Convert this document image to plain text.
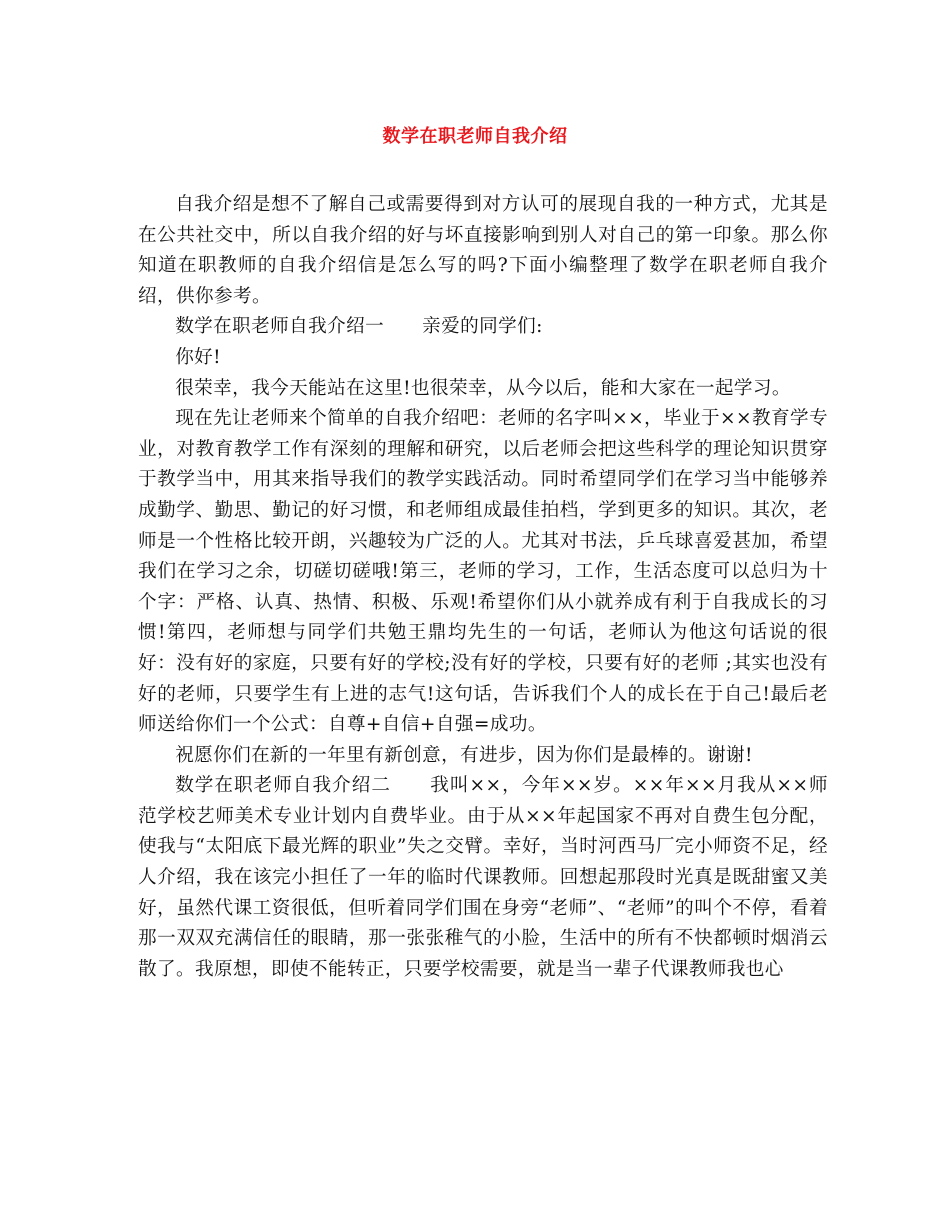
数学在职老师自我介绍

自我介绍是想不了解自己或需要得到对方认可的展现自我的一种方式，尤其是在公共社交中，所以自我介绍的好与坏直接影响到别人对自己的第一印象。那么你知道在职教师的自我介绍信是怎么写的吗?下面小编整理了数学在职老师自我介绍，供你参考。

数学在职老师自我介绍一　　亲爱的同学们:

你好!

很荣幸，我今天能站在这里!也很荣幸，从今以后，能和大家在一起学习。

现在先让老师来个简单的自我介绍吧：老师的名字叫××，毕业于××教育学专业，对教育教学工作有深刻的理解和研究，以后老师会把这些科学的理论知识贯穿于教学当中，用其来指导我们的教学实践活动。同时希望同学们在学习当中能够养成勤学、勤思、勤记的好习惯，和老师组成最佳拍档，学到更多的知识。其次，老师是一个性格比较开朗，兴趣较为广泛的人。尤其对书法，乒乓球喜爱甚加，希望我们在学习之余，切磋切磋哦!第三，老师的学习，工作，生活态度可以总归为十个字：严格、认真、热情、积极、乐观!希望你们从小就养成有利于自我成长的习惯!第四，老师想与同学们共勉王鼎均先生的一句话，老师认为他这句话说的很好：没有好的家庭，只要有好的学校;没有好的学校，只要有好的老师 ;其实也没有好的老师，只要学生有上进的志气!这句话，告诉我们个人的成长在于自己!最后老师送给你们一个公式：自尊+自信+自强=成功。

祝愿你们在新的一年里有新创意，有进步，因为你们是最棒的。谢谢!

数学在职老师自我介绍二　　我叫××，今年××岁。××年××月我从××师范学校艺师美术专业计划内自费毕业。由于从××年起国家不再对自费生包分配，使我与“太阳底下最光辉的职业”失之交臂。幸好，当时河西马厂完小师资不足，经人介绍，我在该完小担任了一年的临时代课教师。回想起那段时光真是既甜蜜又美好，虽然代课工资很低，但听着同学们围在身旁“老师”、“老师”的叫个不停，看着那一双双充满信任的眼睛，那一张张稚气的小脸，生活中的所有不快都顿时烟消云散了。我原想，即使不能转正，只要学校需要，就是当一辈子代课教师我也心
